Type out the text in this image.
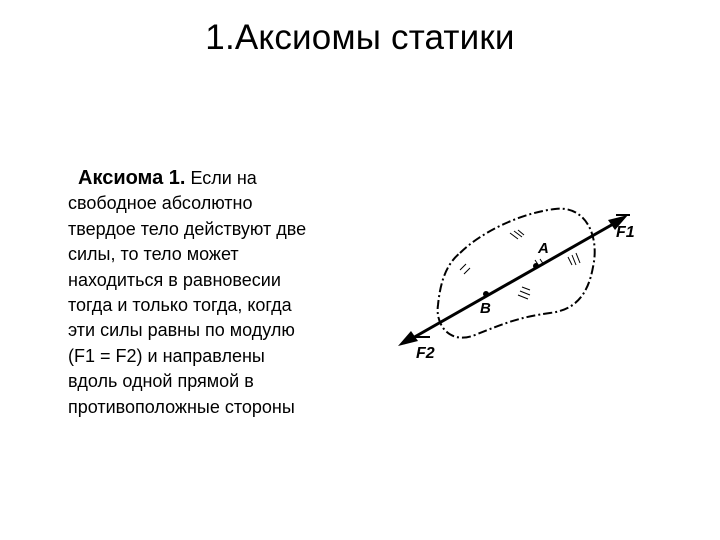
1.Аксиомы статики
Аксиома 1. Если на
свободное абсолютно
твердое тело действуют две
силы, то тело может
находиться в равновесии
тогда и только тогда, когда
эти силы равны по модулю
(F1 = F2) и направлены
вдоль одной прямой в
противоположные стороны
A
B
F1
F2
